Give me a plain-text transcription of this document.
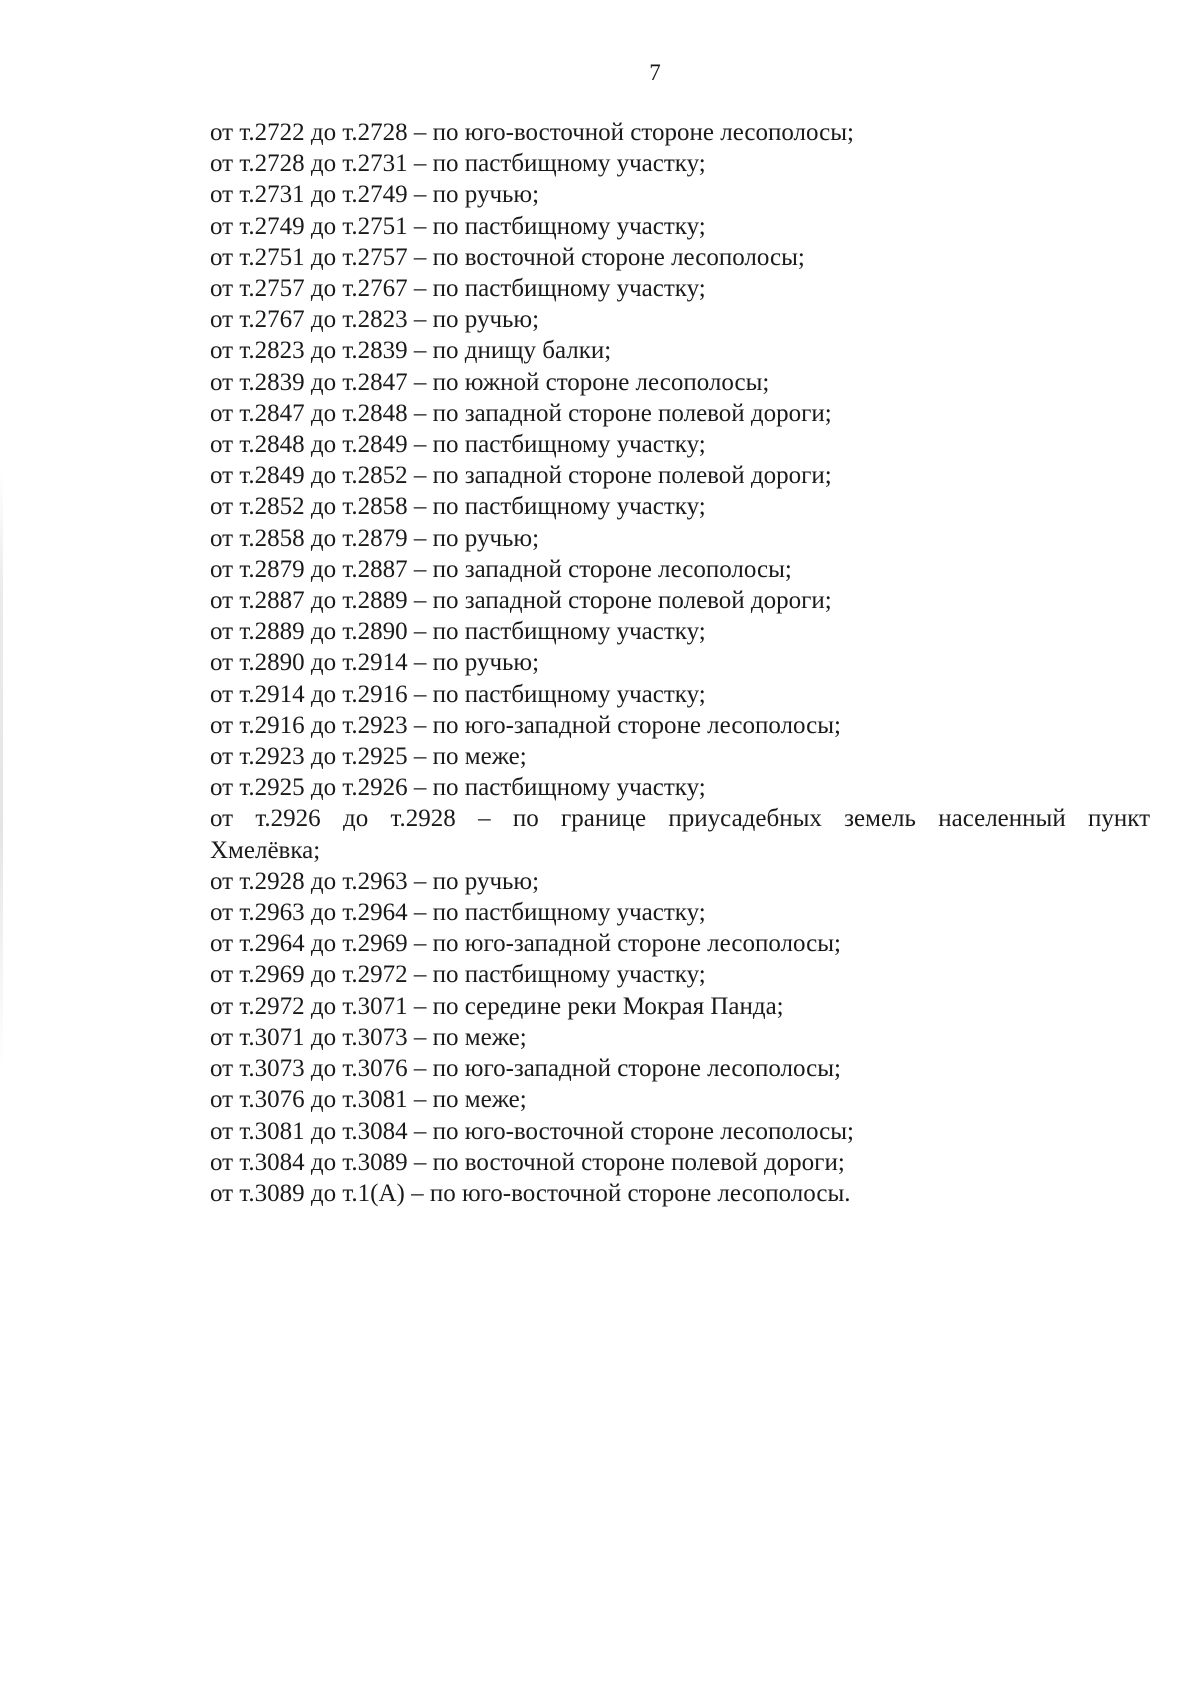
7
от т.2722 до т.2728 – по юго-восточной стороне лесополосы;
от т.2728 до т.2731 – по пастбищному участку;
от т.2731 до т.2749 – по ручью;
от т.2749 до т.2751 – по пастбищному участку;
от т.2751 до т.2757 – по восточной стороне лесополосы;
от т.2757 до т.2767 – по пастбищному участку;
от т.2767 до т.2823 – по ручью;
от т.2823 до т.2839 – по днищу балки;
от т.2839 до т.2847 – по южной стороне лесополосы;
от т.2847 до т.2848 – по западной стороне полевой дороги;
от т.2848 до т.2849 – по пастбищному участку;
от т.2849 до т.2852 – по западной стороне полевой дороги;
от т.2852 до т.2858 – по пастбищному участку;
от т.2858 до т.2879 – по ручью;
от т.2879 до т.2887 – по западной стороне лесополосы;
от т.2887 до т.2889 – по западной стороне полевой дороги;
от т.2889 до т.2890 – по пастбищному участку;
от т.2890 до т.2914 – по ручью;
от т.2914 до т.2916 – по пастбищному участку;
от т.2916 до т.2923 – по юго-западной стороне лесополосы;
от т.2923 до т.2925 – по меже;
от т.2925 до т.2926 – по пастбищному участку;
от т.2926 до т.2928 – по границе приусадебных земель населенный пункт
Хмелёвка;
от т.2928 до т.2963 – по ручью;
от т.2963 до т.2964 – по пастбищному участку;
от т.2964 до т.2969 – по юго-западной стороне лесополосы;
от т.2969 до т.2972 – по пастбищному участку;
от т.2972 до т.3071 – по середине реки Мокрая Панда;
от т.3071 до т.3073 – по меже;
от т.3073 до т.3076 – по юго-западной стороне лесополосы;
от т.3076 до т.3081 – по меже;
от т.3081 до т.3084 – по юго-восточной стороне лесополосы;
от т.3084 до т.3089 – по восточной стороне полевой дороги;
от т.3089 до т.1(А) – по юго-восточной стороне лесополосы.
